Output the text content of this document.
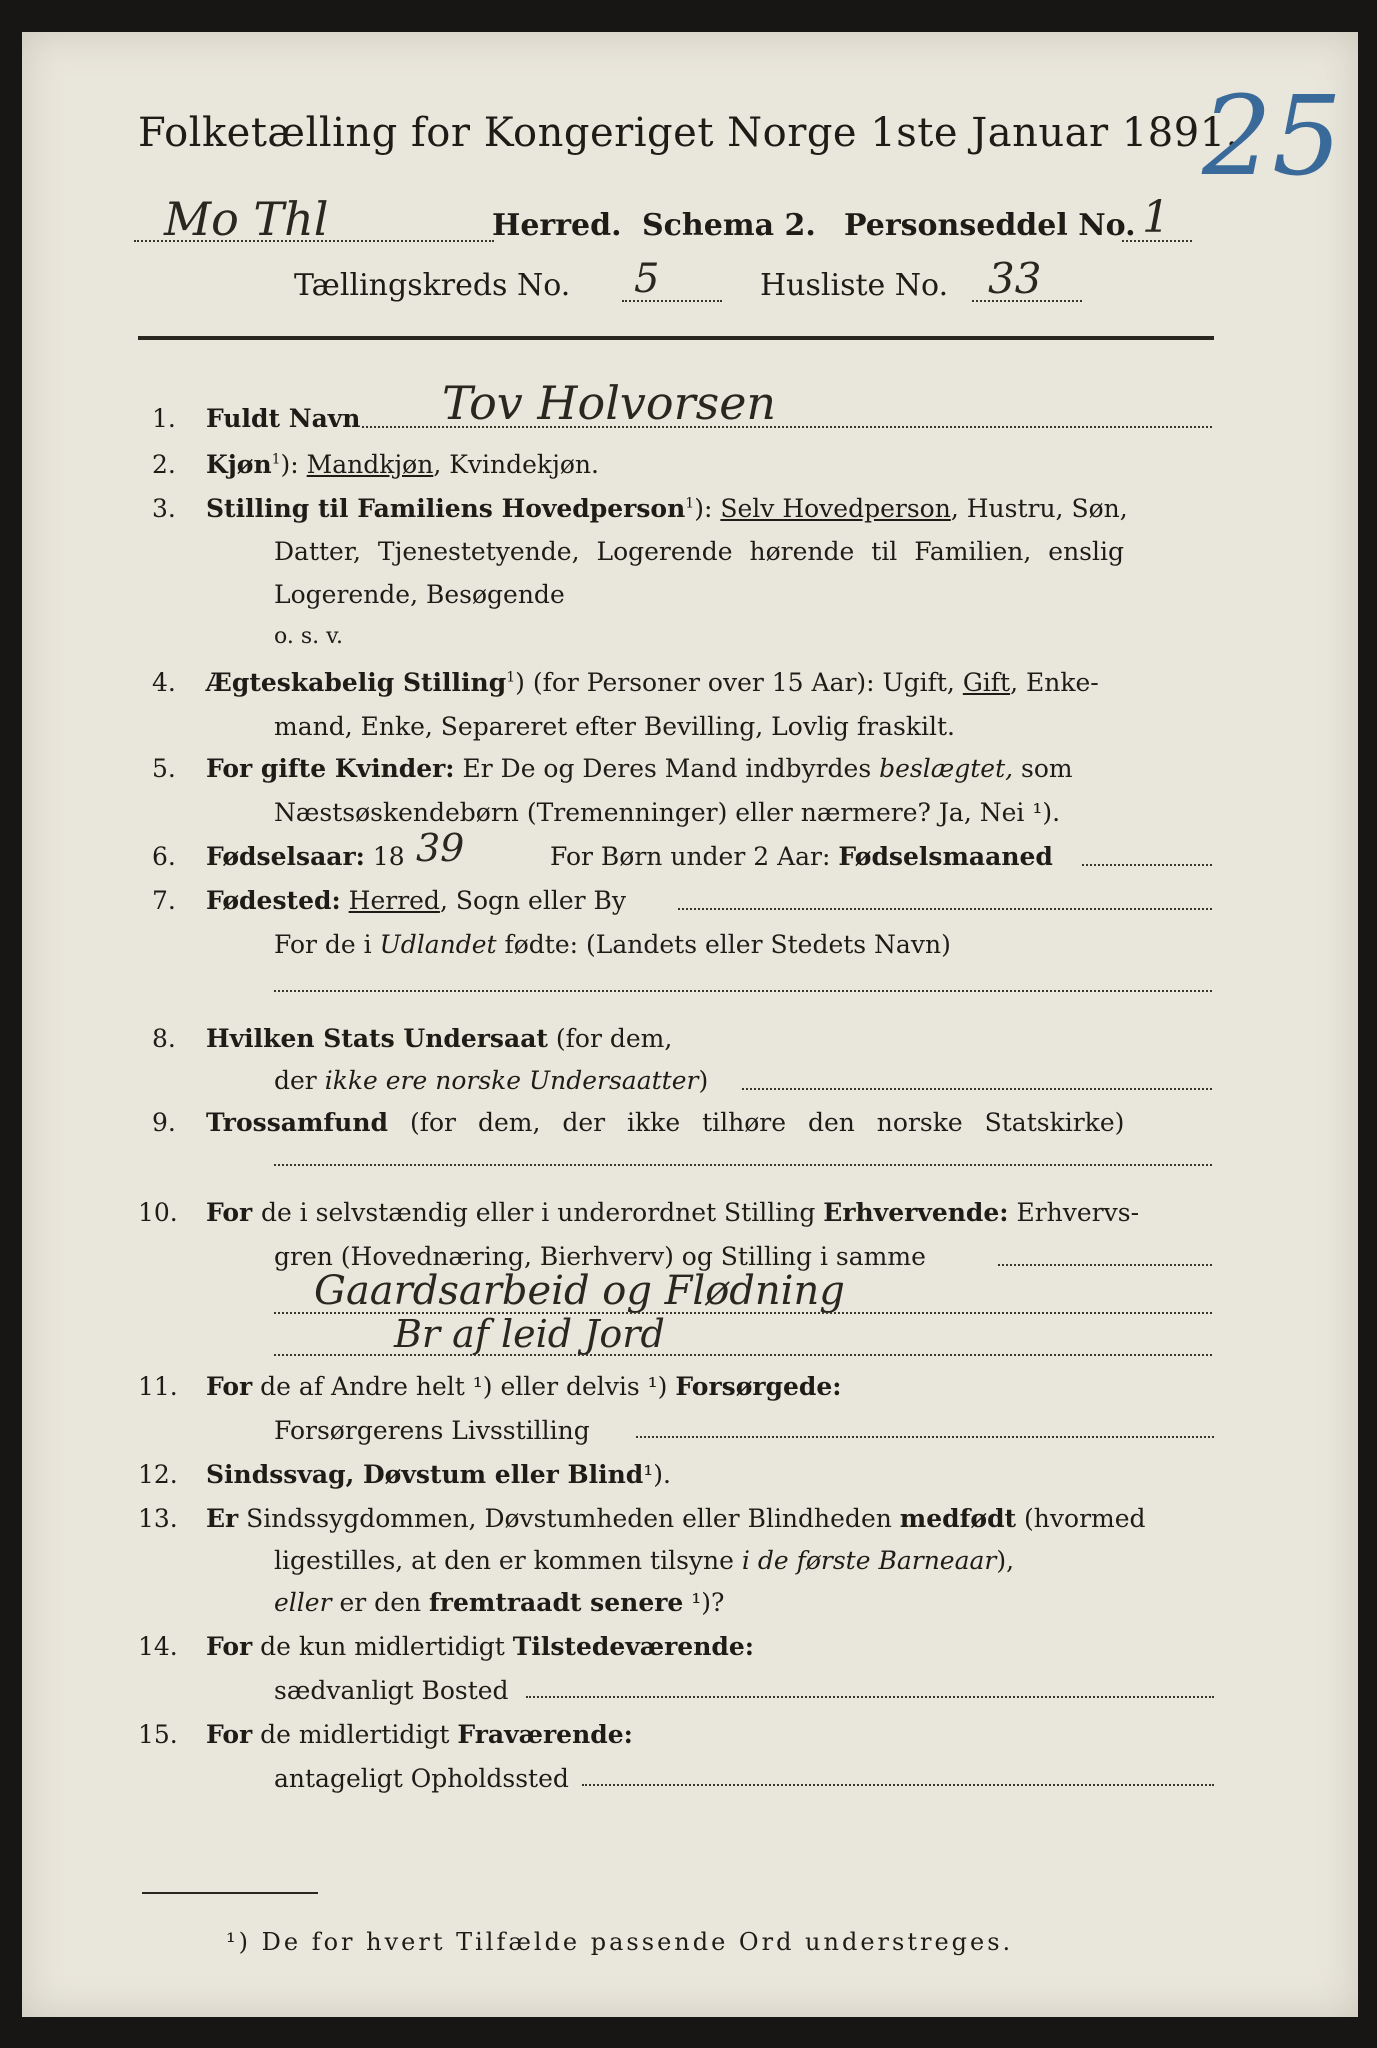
Folketælling for Kongeriget Norge 1ste Januar 1891.
25
Mo Thl	Herred. Schema 2. Personseddel No. 1
Tællingskreds No. 5	Husliste No. 33
1. Fuldt Navn Tov Holvorsen
2. Kjøn$^1$): Mandkjøn, Kvindekjøn.
3. Stilling til Familiens Hovedperson$^1$): Selv Hovedperson, Hustru, Søn,
Datter, Tjenestetyende, Logerende hørende til Familien, enslig
Logerende, Besøgende
o. s. v.
4. Ægteskabelig Stilling$^1$) (for Personer over 15 Aar): Ugift, Gift, Enke-
mand, Enke, Separeret efter Bevilling, Lovlig fraskilt.
5. For gifte Kvinder: Er De og Deres Mand indbyrdes beslægtet, som
Næstsøskendebørn (Tremenninger) eller nærmere? Ja, Nei ¹).
6. Fødselsaar: 18 39	For Børn under 2 Aar: Fødselsmaaned
7. Fødested: Herred, Sogn eller By
For de i Udlandet fødte: (Landets eller Stedets Navn)
8. Hvilken Stats Undersaat (for dem,
der ikke ere norske Undersaatter)
9. Trossamfund (for dem, der ikke tilhøre den norske Statskirke)
10. For de i selvstændig eller i underordnet Stilling Erhvervende: Erhvervs-
gren (Hovednæring, Bierhverv) og Stilling i samme
Gaardsarbeid og Flødning
Br af leid Jord
11. For de af Andre helt ¹) eller delvis ¹) Forsørgede:
Forsørgerens Livsstilling
12. Sindssvag, Døvstum eller Blind¹).
13. Er Sindssygdommen, Døvstumheden eller Blindheden medfødt (hvormed
ligestilles, at den er kommen tilsyne i de første Barneaar),
eller er den fremtraadt senere ¹)?
14. For de kun midlertidigt Tilstedeværende:
sædvanligt Bosted
15. For de midlertidigt Fraværende:
antageligt Opholdssted
¹) De for hvert Tilfælde passende Ord understreges.
